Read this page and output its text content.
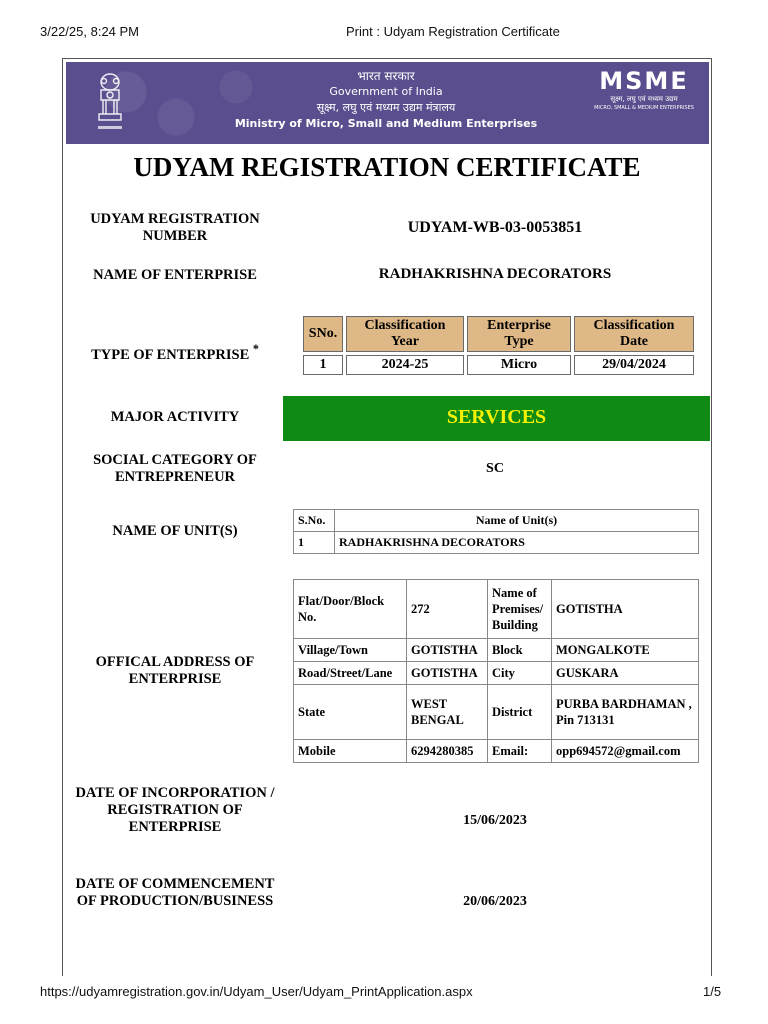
3/22/25, 8:24 PM	Print : Udyam Registration Certificate
भारत सरकार
Government of India
सूक्ष्म, लघु एवं मध्यम उद्यम मंत्रालय
Ministry of Micro, Small and Medium Enterprises
MSME
सूक्ष्म, लघु एवं मध्यम उद्यम
MICRO, SMALL & MEDIUM ENTERPRISES
UDYAM REGISTRATION CERTIFICATE
UDYAM REGISTRATION NUMBER	UDYAM-WB-03-0053851
NAME OF ENTERPRISE	RADHAKRISHNA DECORATORS
TYPE OF ENTERPRISE *
SNo.	Classification Year	Enterprise Type	Classification Date
1	2024-25	Micro	29/04/2024
MAJOR ACTIVITY	SERVICES
SOCIAL CATEGORY OF ENTREPRENEUR
SC
NAME OF UNIT(S)
S.No.	Name of Unit(s)
1	RADHAKRISHNA DECORATORS
OFFICAL ADDRESS OF ENTERPRISE
Flat/Door/Block No.	272	Name of Premises/ Building	GOTISTHA
Village/Town	GOTISTHA	Block	MONGALKOTE
Road/Street/Lane	GOTISTHA	City	GUSKARA
State	WEST BENGAL	District	PURBA BARDHAMAN , Pin 713131
Mobile	6294280385	Email:	opp694572@gmail.com
DATE OF INCORPORATION / REGISTRATION OF ENTERPRISE	15/06/2023
DATE OF COMMENCEMENT OF PRODUCTION/BUSINESS	20/06/2023
https://udyamregistration.gov.in/Udyam_User/Udyam_PrintApplication.aspx	1/5
